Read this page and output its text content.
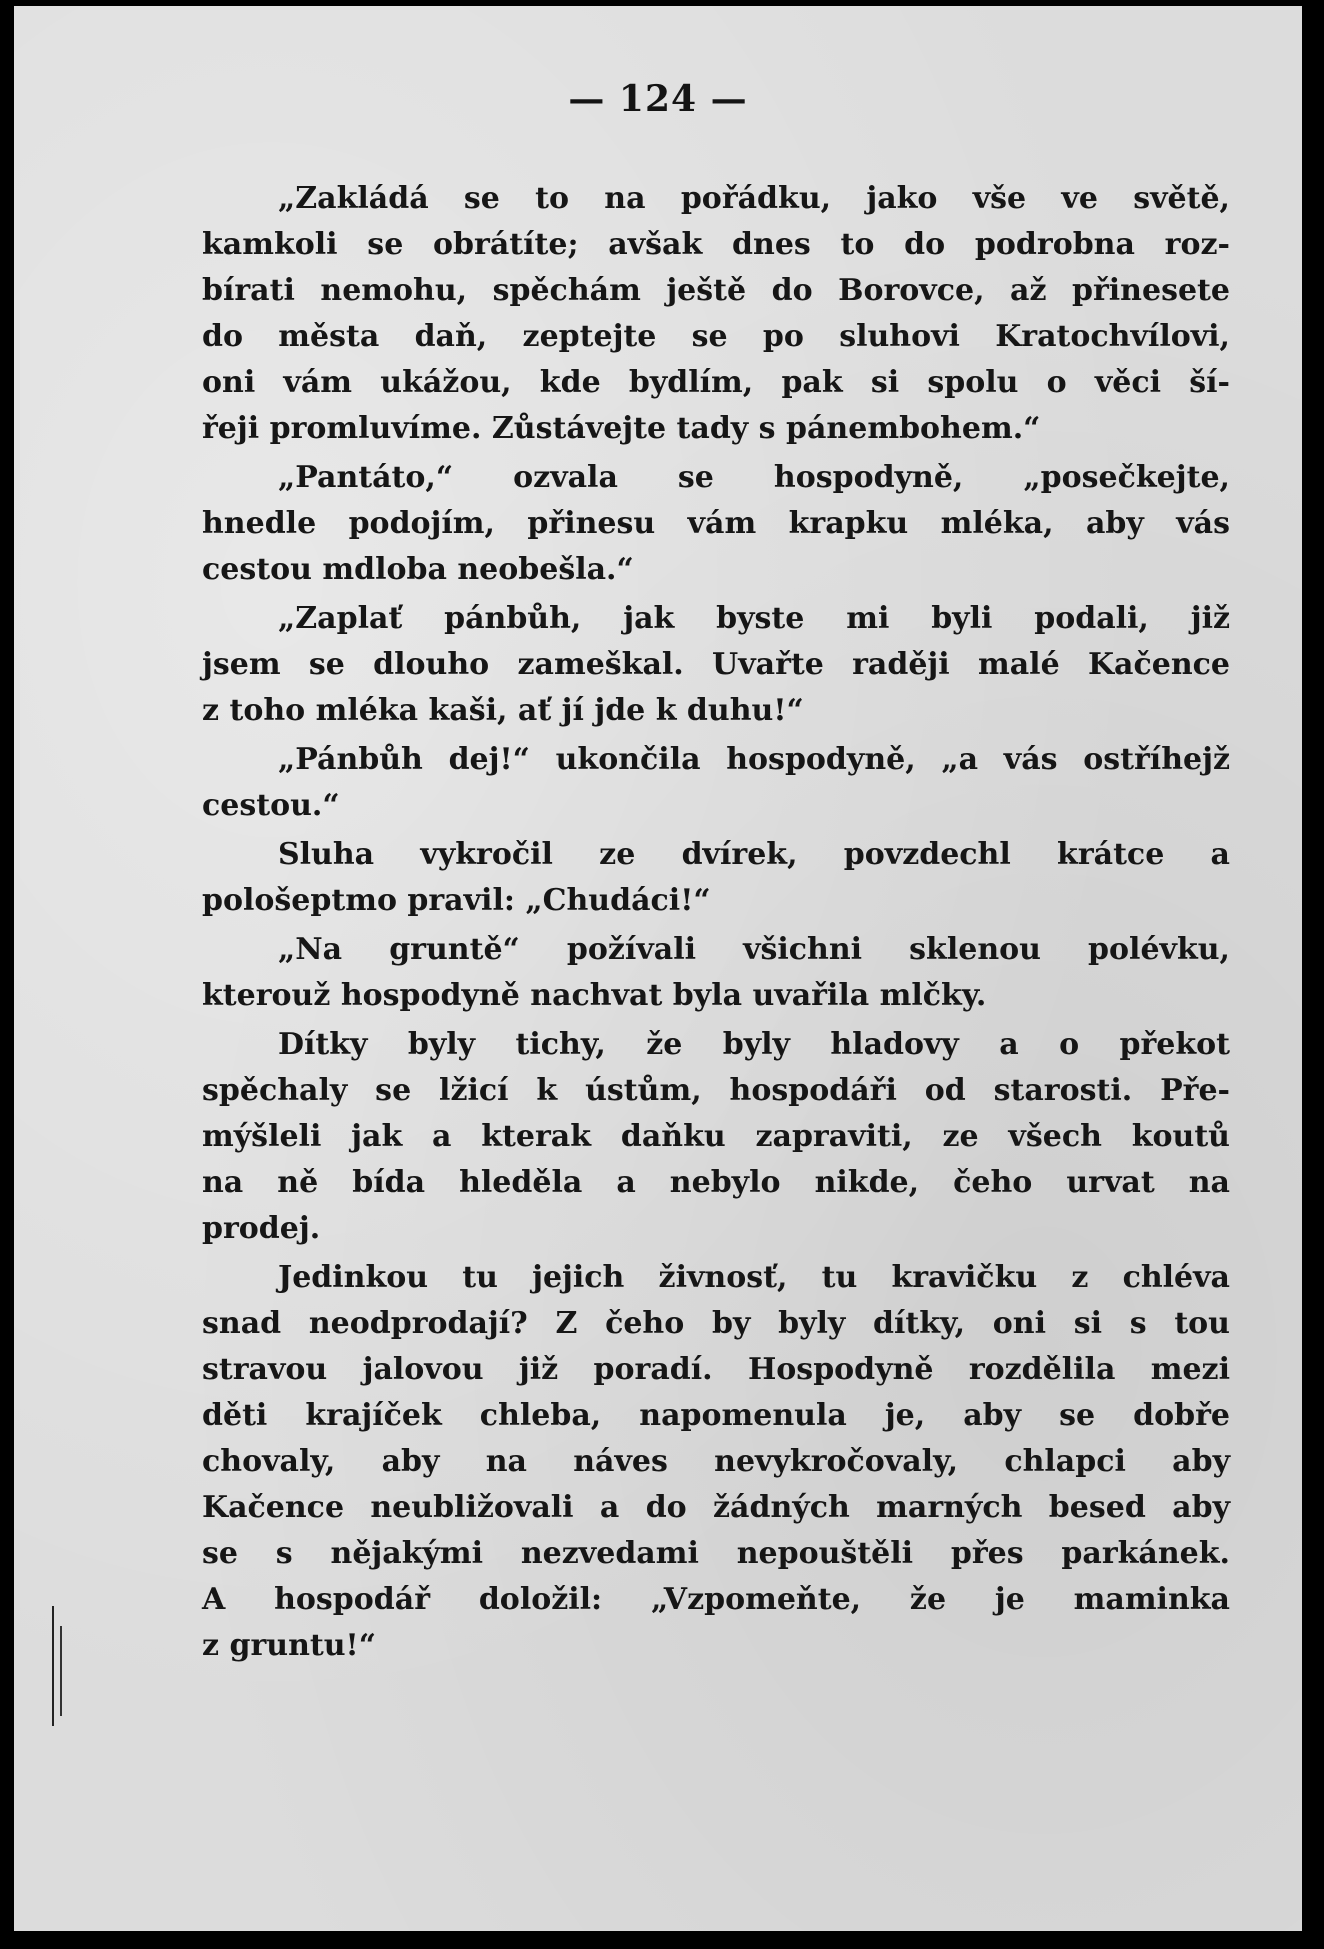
— 124 —
„Zakládá se to na pořádku, jako vše ve světě,
kamkoli se obrátíte; avšak dnes to do podrobna roz-
bírati nemohu, spěchám ještě do Borovce, až přinesete
do města daň, zeptejte se po sluhovi Kratochvílovi,
oni vám ukážou, kde bydlím, pak si spolu o věci ší-
řeji promluvíme. Zůstávejte tady s pánembohem.“
„Pantáto,“ ozvala se hospodyně, „posečkejte,
hnedle podojím, přinesu vám krapku mléka, aby vás
cestou mdloba neobešla.“
„Zaplať pánbůh, jak byste mi byli podali, již
jsem se dlouho zameškal. Uvařte raději malé Kačence
z toho mléka kaši, ať jí jde k duhu!“
„Pánbůh dej!“ ukončila hospodyně, „a vás ostříhejž
cestou.“
Sluha vykročil ze dvírek, povzdechl krátce a
pološeptmo pravil: „Chudáci!“
„Na gruntě“ požívali všichni sklenou polévku,
kterouž hospodyně nachvat byla uvařila mlčky.
Dítky byly tichy, že byly hladovy a o překot
spěchaly se lžicí k ústům, hospodáři od starosti. Pře-
mýšleli jak a kterak daňku zapraviti, ze všech koutů
na ně bída hleděla a nebylo nikde, čeho urvat na
prodej.
Jedinkou tu jejich živnosť, tu kravičku z chléva
snad neodprodají? Z čeho by byly dítky, oni si s tou
stravou jalovou již poradí. Hospodyně rozdělila mezi
děti krajíček chleba, napomenula je, aby se dobře
chovaly, aby na náves nevykročovaly, chlapci aby
Kačence neubližovali a do žádných marných besed aby
se s nějakými nezvedami nepouštěli přes parkánek.
A hospodář doložil: „Vzpomeňte, že je maminka
z gruntu!“
